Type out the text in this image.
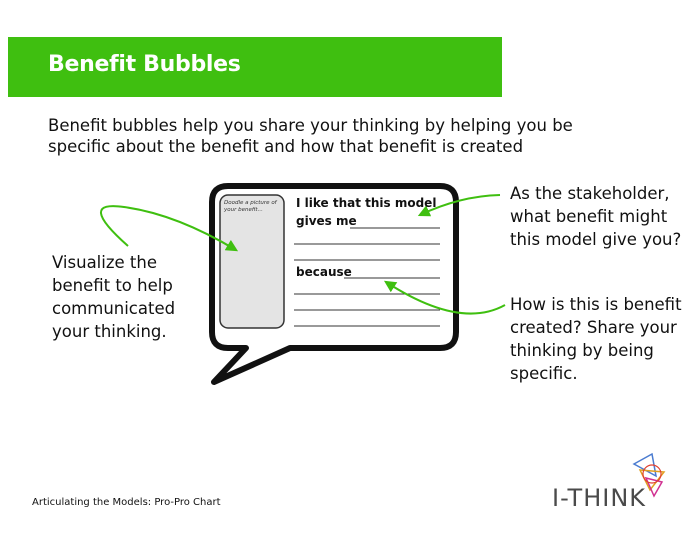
Benefit Bubbles
Benefit bubbles help you share your thinking by helping you be specific about the benefit and how that benefit is created
Doodle a picture of your benefit...	I like that this model
gives me
because
Visualize the benefit to help communicated your thinking.
As the stakeholder, what benefit might this model give you?
How is this is benefit created? Share your thinking by being specific.
Articulating the Models: Pro-Pro Chart	I-THINK
